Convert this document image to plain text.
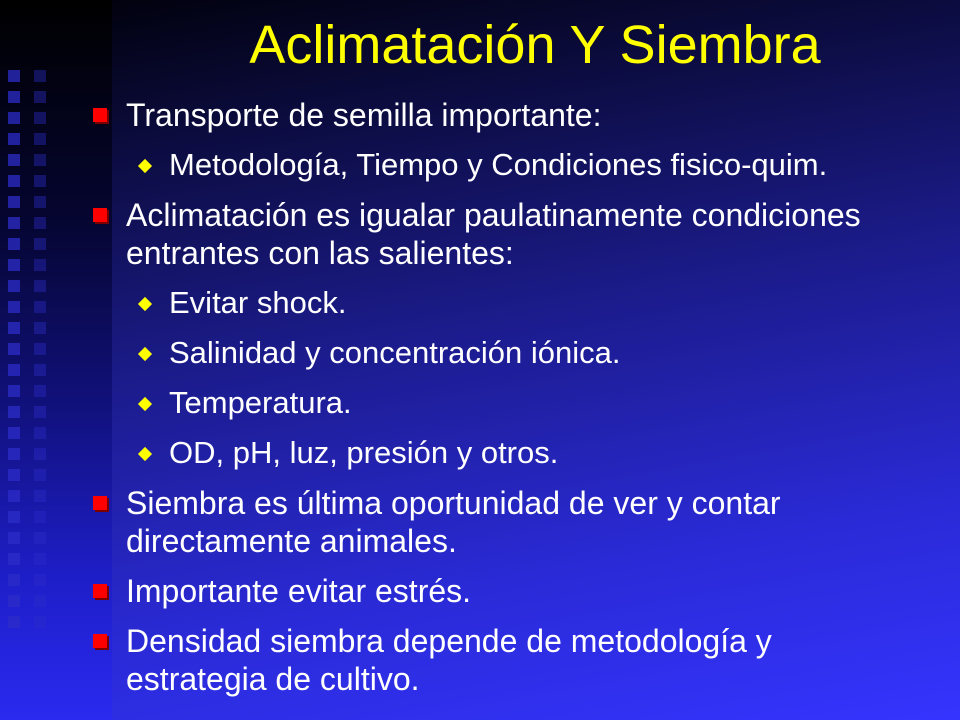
Aclimatación Y Siembra
Transporte de semilla importante:
Metodología, Tiempo y Condiciones fisico-quim.
Aclimatación es igualar paulatinamente condiciones entrantes con las salientes:
Evitar shock.
Salinidad y concentración iónica.
Temperatura.
OD, pH, luz, presión y otros.
Siembra es última oportunidad de ver y contar directamente animales.
Importante evitar estrés.
Densidad siembra depende de metodología y estrategia de cultivo.
